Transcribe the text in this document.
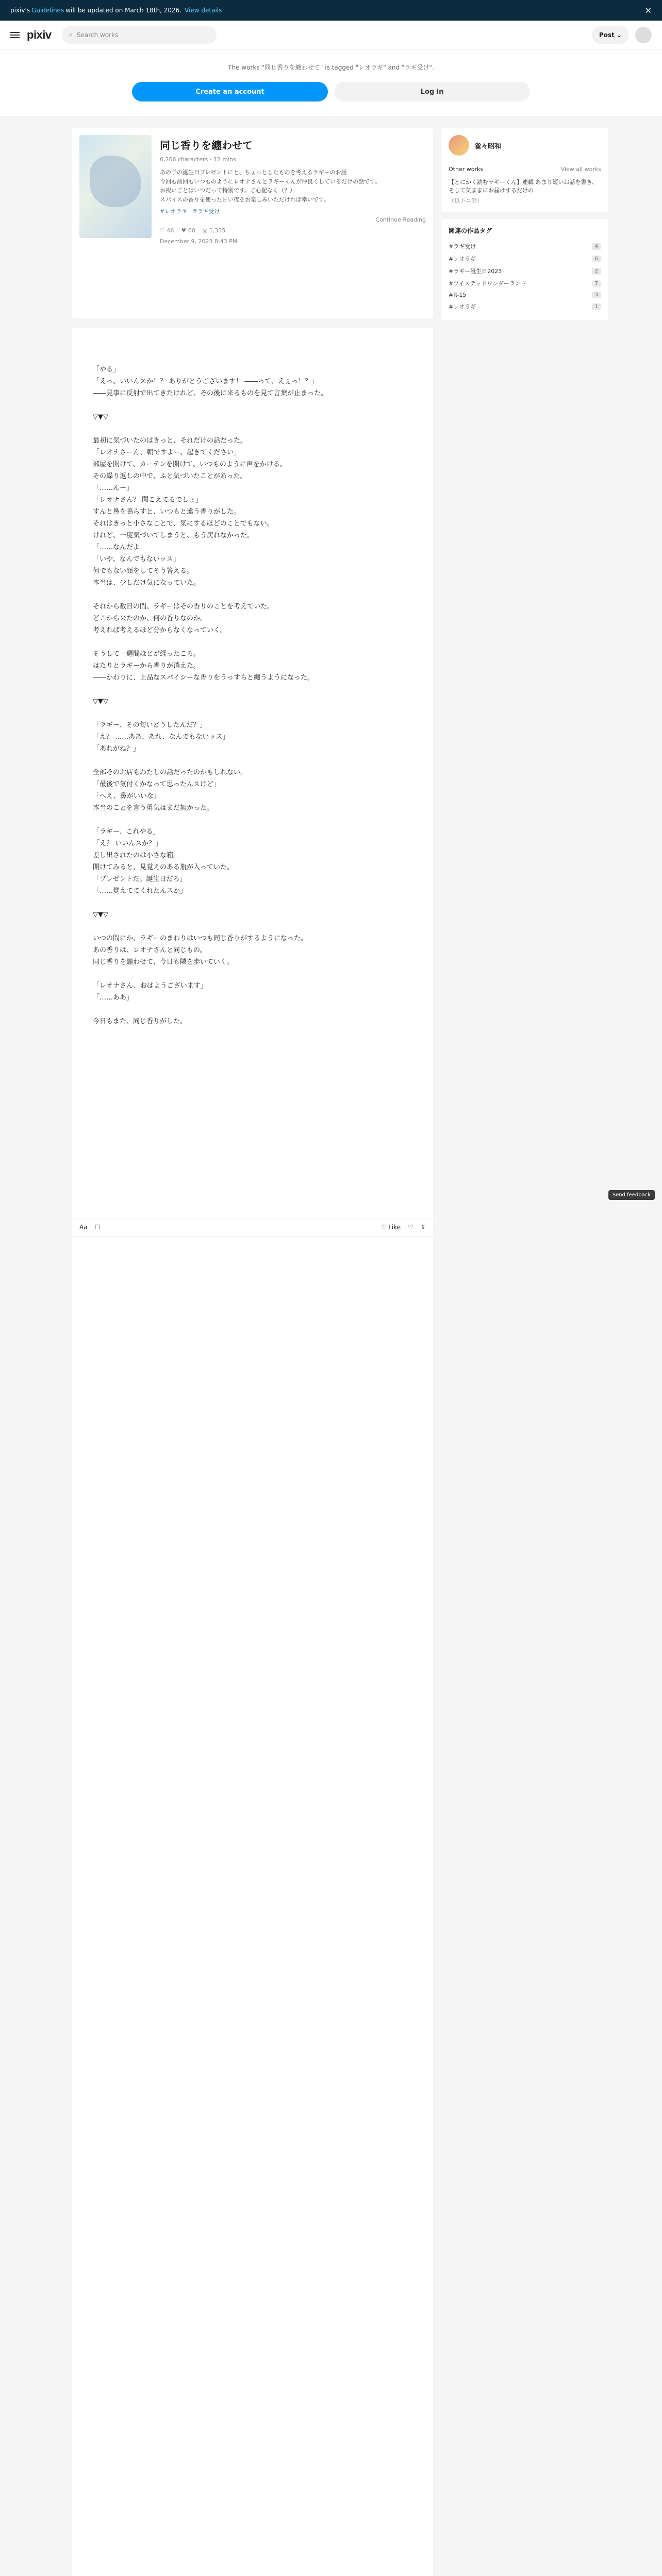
pixiv's Guidelines will be updated on March 18th, 2026. View details	✕
pixiv	⌕ Search works	Post ⌄
The works "同じ香りを纏わせて" is tagged "レオラギ" and "ラギ受け".
Create an account	Log in
同じ香りを纏わせて
6,266 characters · 12 mins
あの子の誕生日プレゼントにと、ちょっとしたものを考えるラギーのお話
今回も前回もいつものようにレオナさんとラギーくんが仲良くしているだけの話です。
お祝いごとはいつだって特別です。ご心配なく（？）
スパイスの香りを使った甘い夜をお楽しみいただければ幸いです。
#レオラギ #ラギ受け
Continue Reading
♡ 46 ♥ 60 ◎ 1,335
December 9, 2023 8:43 PM
「やる」
「えっ、いいんスか！？ ありがとうございます！ ――って、えぇっ！？」
――見事に反射で出てきたけれど、その後に来るものを見て言葉が止まった。

▽▼▽

最初に気づいたのはきっと、それだけの話だった。
「レオナさーん、朝ですよー、起きてください」
部屋を開けて、カーテンを開けて、いつものように声をかける。
その繰り返しの中で、ふと気づいたことがあった。
「……んー」
「レオナさん？ 聞こえてるでしょ」
すんと鼻を鳴らすと、いつもと違う香りがした。
それはきっと小さなことで、気にするほどのことでもない。
けれど、一度気づいてしまうと、もう戻れなかった。
「……なんだよ」
「いや、なんでもないッス」
何でもない顔をしてそう答える。
本当は、少しだけ気になっていた。

それから数日の間、ラギーはその香りのことを考えていた。
どこから来たのか、何の香りなのか。
考えれば考えるほど分からなくなっていく。

そうして一週間ほどが経ったころ。
はたりとラギーから香りが消えた。
――かわりに、上品なスパイシーな香りをうっすらと纏うようになった。

▽▼▽

「ラギー、その匂いどうしたんだ？」
「え？ ……ああ、あれ、なんでもないッス」
「あれがね？」

全部そのお店もわたしの話だったのかもしれない。
「最後で気付くかなって思ったんスけど」
「へえ、鼻がいいな」
本当のことを言う勇気はまだ無かった。

「ラギー、これやる」
「え？ いいんスか？」
差し出されたのは小さな箱。
開けてみると、見覚えのある瓶が入っていた。
「プレゼントだ。誕生日だろ」
「……覚えててくれたんスか」

▽▼▽

いつの間にか、ラギーのまわりはいつも同じ香りがするようになった。
あの香りは、レオナさんと同じもの。
同じ香りを纏わせて、今日も隣を歩いていく。

「レオナさん、おはようございます」
「……ああ」

今日もまた、同じ香りがした。
雀々昭和
Other works	View all works
【とにかく読むラギーくん】連載 あまり短いお話を書き、そして気ままにお届けするだけの
（以下ニ話）
関連の作品タグ
#ラギ受け	4
#レオラギ	6
#ラギー誕生日2023	2
#ツイステッドワンダーランド	7
#R-15	3
#レオラギ	1
Aa ☐	♡ Like ♡ ⇪
Send feedback
